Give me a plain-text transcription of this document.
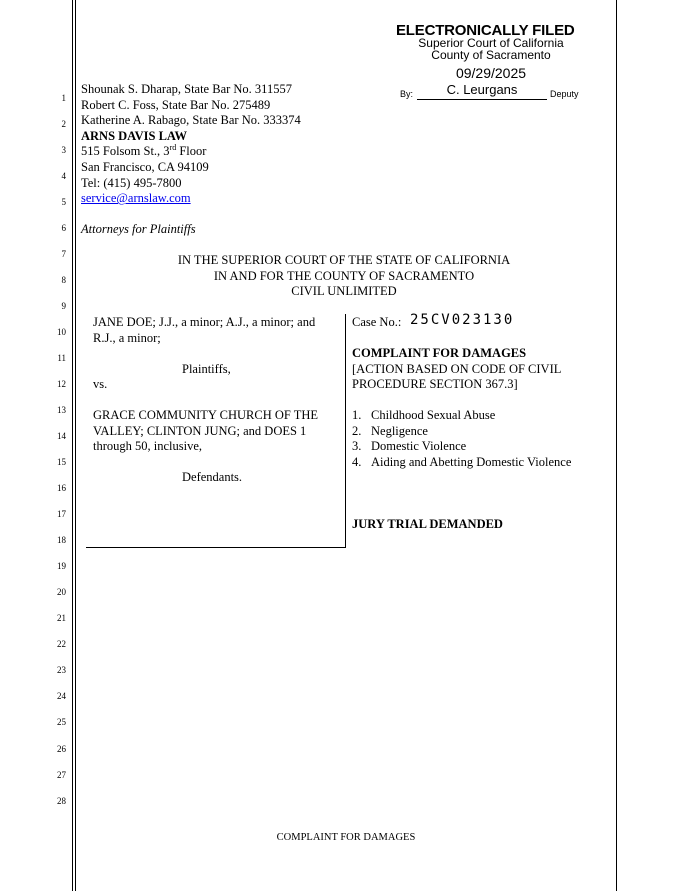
1
2
3
4
5
6
7
8
9
10
11
12
13
14
15
16
17
18
19
20
21
22
23
24
25
26
27
28
ELECTRONICALLY FILED
Superior Court of California
County of Sacramento
09/29/2025
By:	C. Leurgans	Deputy
Shounak S. Dharap, State Bar No. 311557
Robert C. Foss, State Bar No. 275489
Katherine A. Rabago, State Bar No. 333374
ARNS DAVIS LAW
515 Folsom St., 3rd Floor
San Francisco, CA 94109
Tel: (415) 495-7800
service@arnslaw.com
Attorneys for Plaintiffs
IN THE SUPERIOR COURT OF THE STATE OF CALIFORNIA
IN AND FOR THE COUNTY OF SACRAMENTO
CIVIL UNLIMITED
JANE DOE; J.J., a minor; A.J., a minor; and
R.J., a minor;
Plaintiffs,
vs.
GRACE COMMUNITY CHURCH OF THE
VALLEY; CLINTON JUNG; and DOES 1
through 50, inclusive,
Defendants.
Case No.: 25CV023130
COMPLAINT FOR DAMAGES
[ACTION BASED ON CODE OF CIVIL
PROCEDURE SECTION 367.3]
1. Childhood Sexual Abuse
2. Negligence
3. Domestic Violence
4. Aiding and Abetting Domestic Violence
JURY TRIAL DEMANDED
COMPLAINT FOR DAMAGES
